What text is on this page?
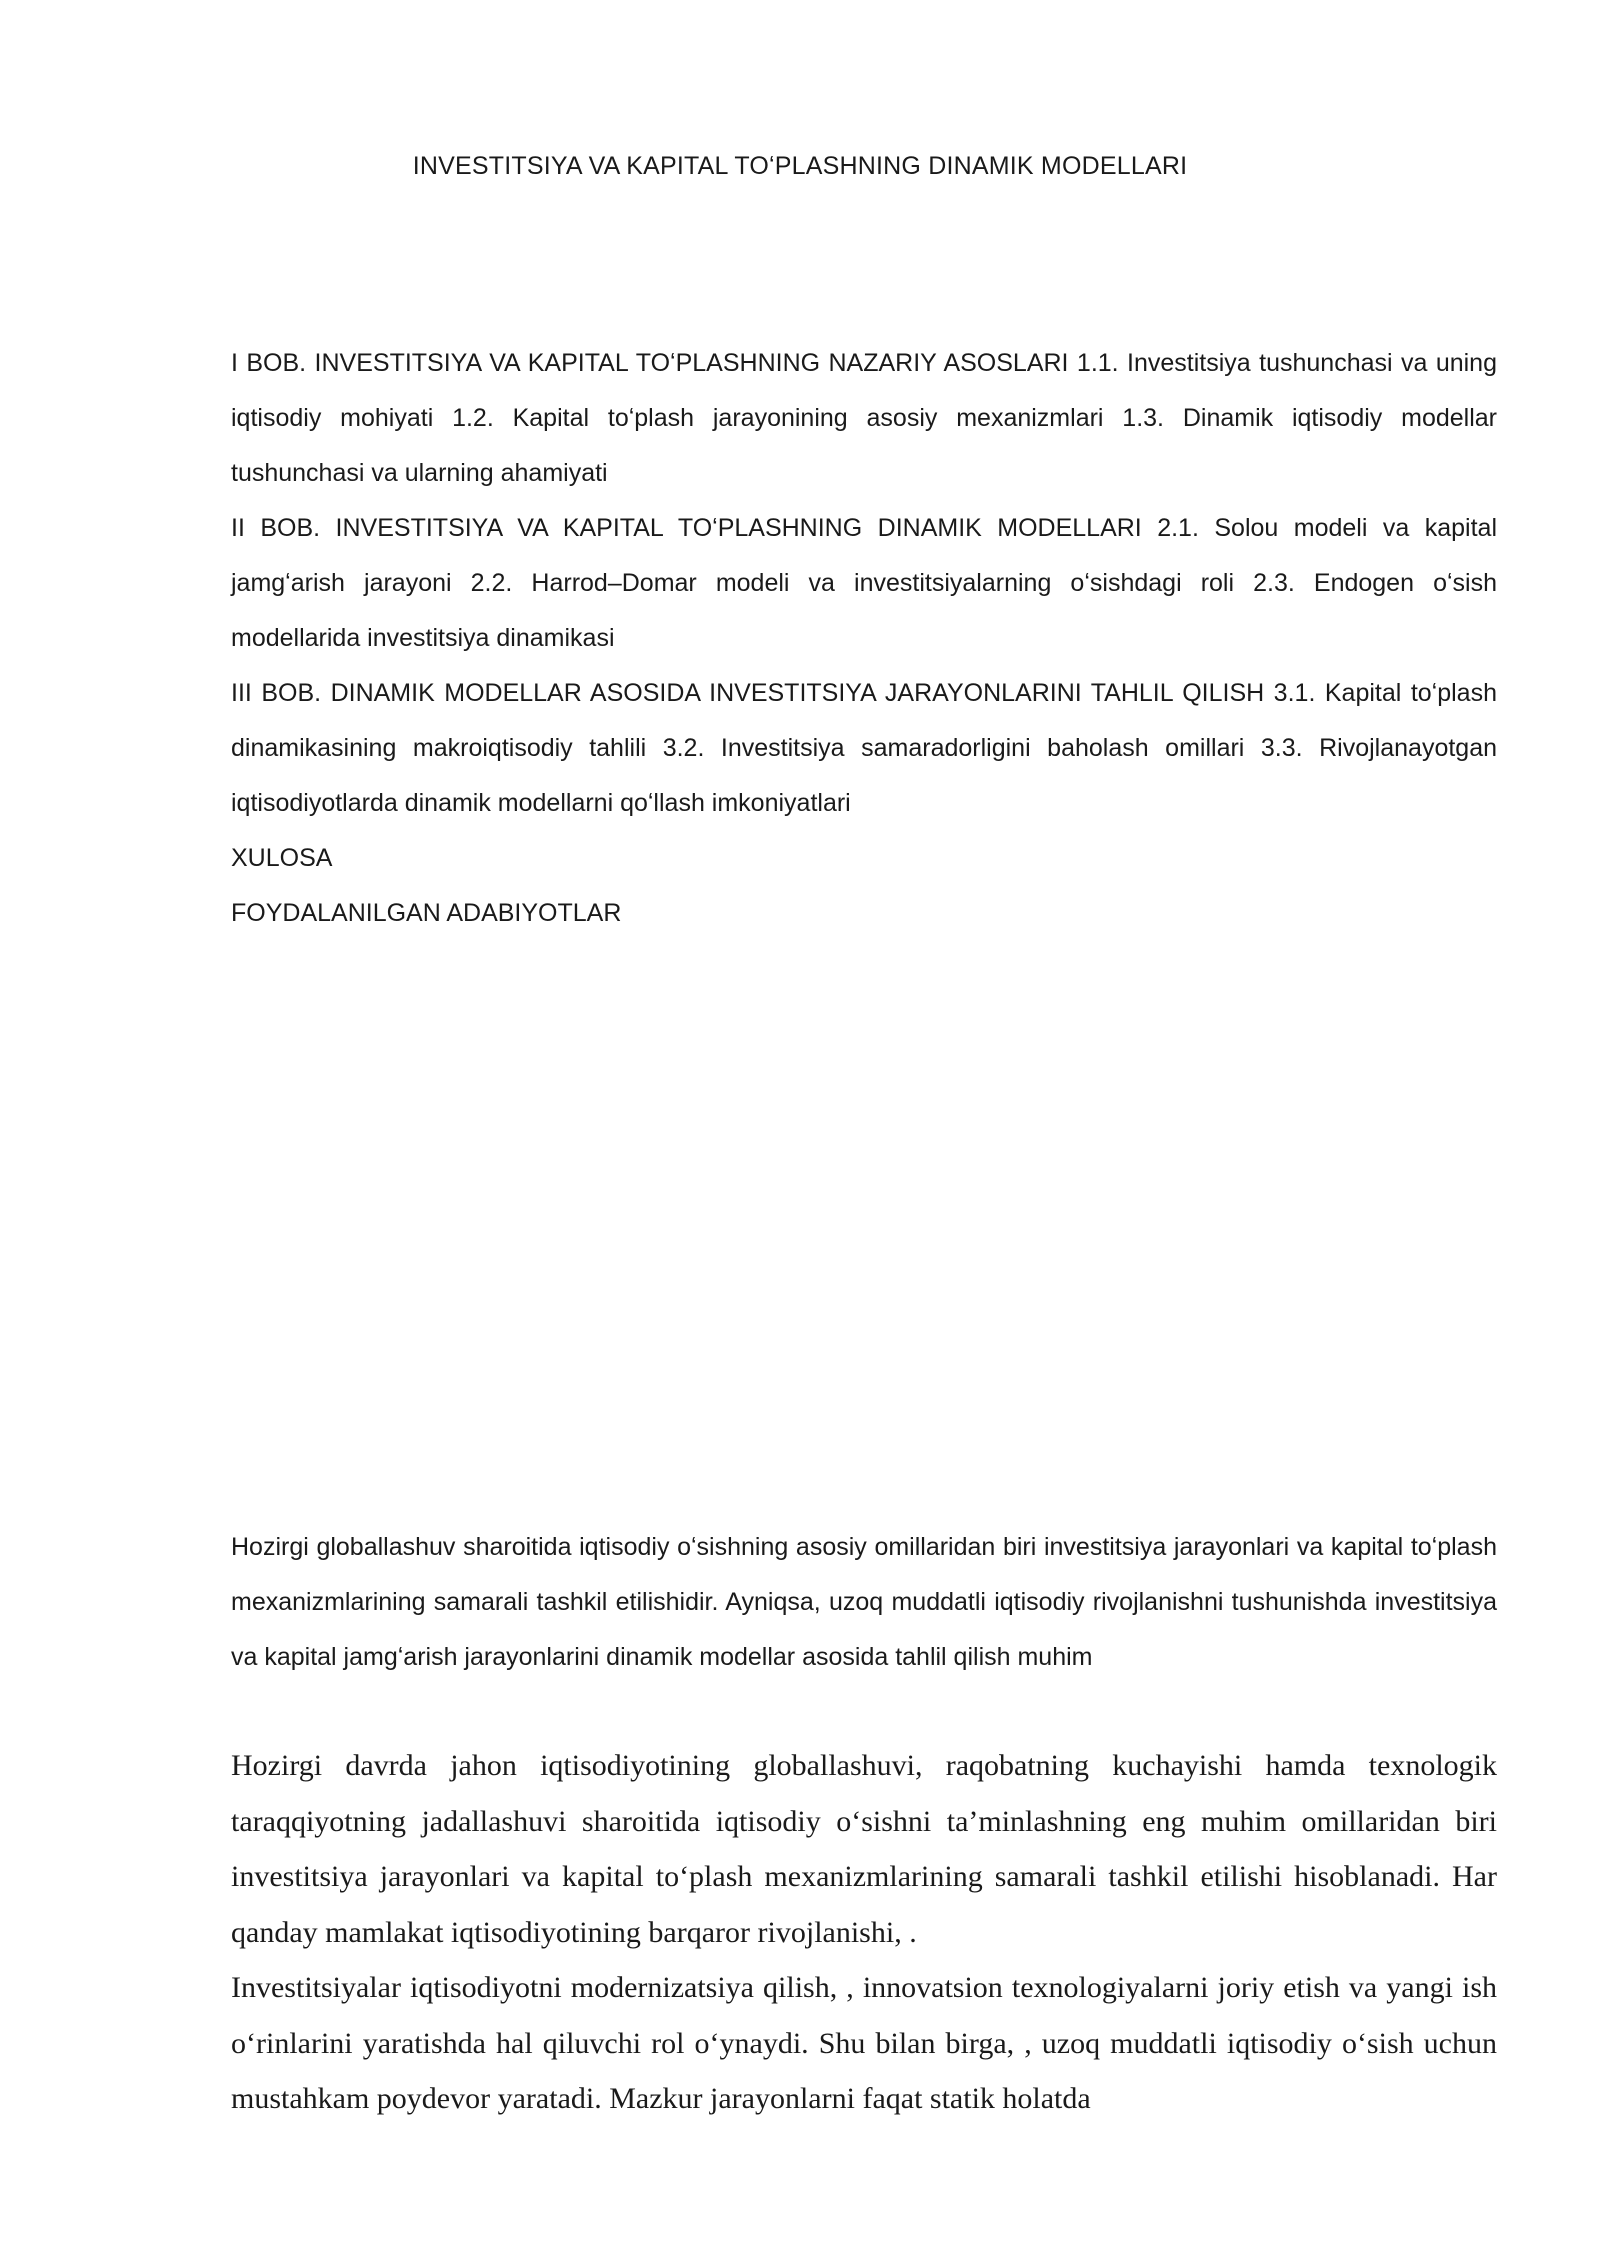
INVESTITSIYA VA KAPITAL TOʻPLASHNING DINAMIK MODELLARI

I BOB. INVESTITSIYA VA KAPITAL TOʻPLASHNING NAZARIY ASOSLARI 1.1. Investitsiya tushunchasi va uning iqtisodiy mohiyati 1.2. Kapital toʻplash jarayonining asosiy mexanizmlari 1.3. Dinamik iqtisodiy modellar tushunchasi va ularning ahamiyati

II BOB. INVESTITSIYA VA KAPITAL TOʻPLASHNING DINAMIK MODELLARI 2.1. Solou modeli va kapital jamgʻarish jarayoni 2.2. Harrod–Domar modeli va investitsiyalarning oʻsishdagi roli 2.3. Endogen oʻsish modellarida investitsiya dinamikasi

III BOB. DINAMIK MODELLAR ASOSIDA INVESTITSIYA JARAYONLARINI TAHLIL QILISH 3.1. Kapital toʻplash dinamikasining makroiqtisodiy tahlili 3.2. Investitsiya samaradorligini baholash omillari 3.3. Rivojlanayotgan iqtisodiyotlarda dinamik modellarni qoʻllash imkoniyatlari

XULOSA

FOYDALANILGAN ADABIYOTLAR

Hozirgi globallashuv sharoitida iqtisodiy oʻsishning asosiy omillaridan biri investitsiya jarayonlari va kapital toʻplash mexanizmlarining samarali tashkil etilishidir. Ayniqsa, uzoq muddatli iqtisodiy rivojlanishni tushunishda investitsiya va kapital jamgʻarish jarayonlarini dinamik modellar asosida tahlil qilish muhim

Hozirgi davrda jahon iqtisodiyotining globallashuvi, raqobatning kuchayishi hamda texnologik taraqqiyotning jadallashuvi sharoitida iqtisodiy oʻsishni ta’minlashning eng muhim omillaridan biri investitsiya jarayonlari va kapital toʻplash mexanizmlarining samarali tashkil etilishi hisoblanadi. Har qanday mamlakat iqtisodiyotining barqaror rivojlanishi, .

Investitsiyalar iqtisodiyotni modernizatsiya qilish, , innovatsion texnologiyalarni joriy etish va yangi ish oʻrinlarini yaratishda hal qiluvchi rol oʻynaydi. Shu bilan birga, , uzoq muddatli iqtisodiy oʻsish uchun mustahkam poydevor yaratadi. Mazkur jarayonlarni faqat statik holatda
